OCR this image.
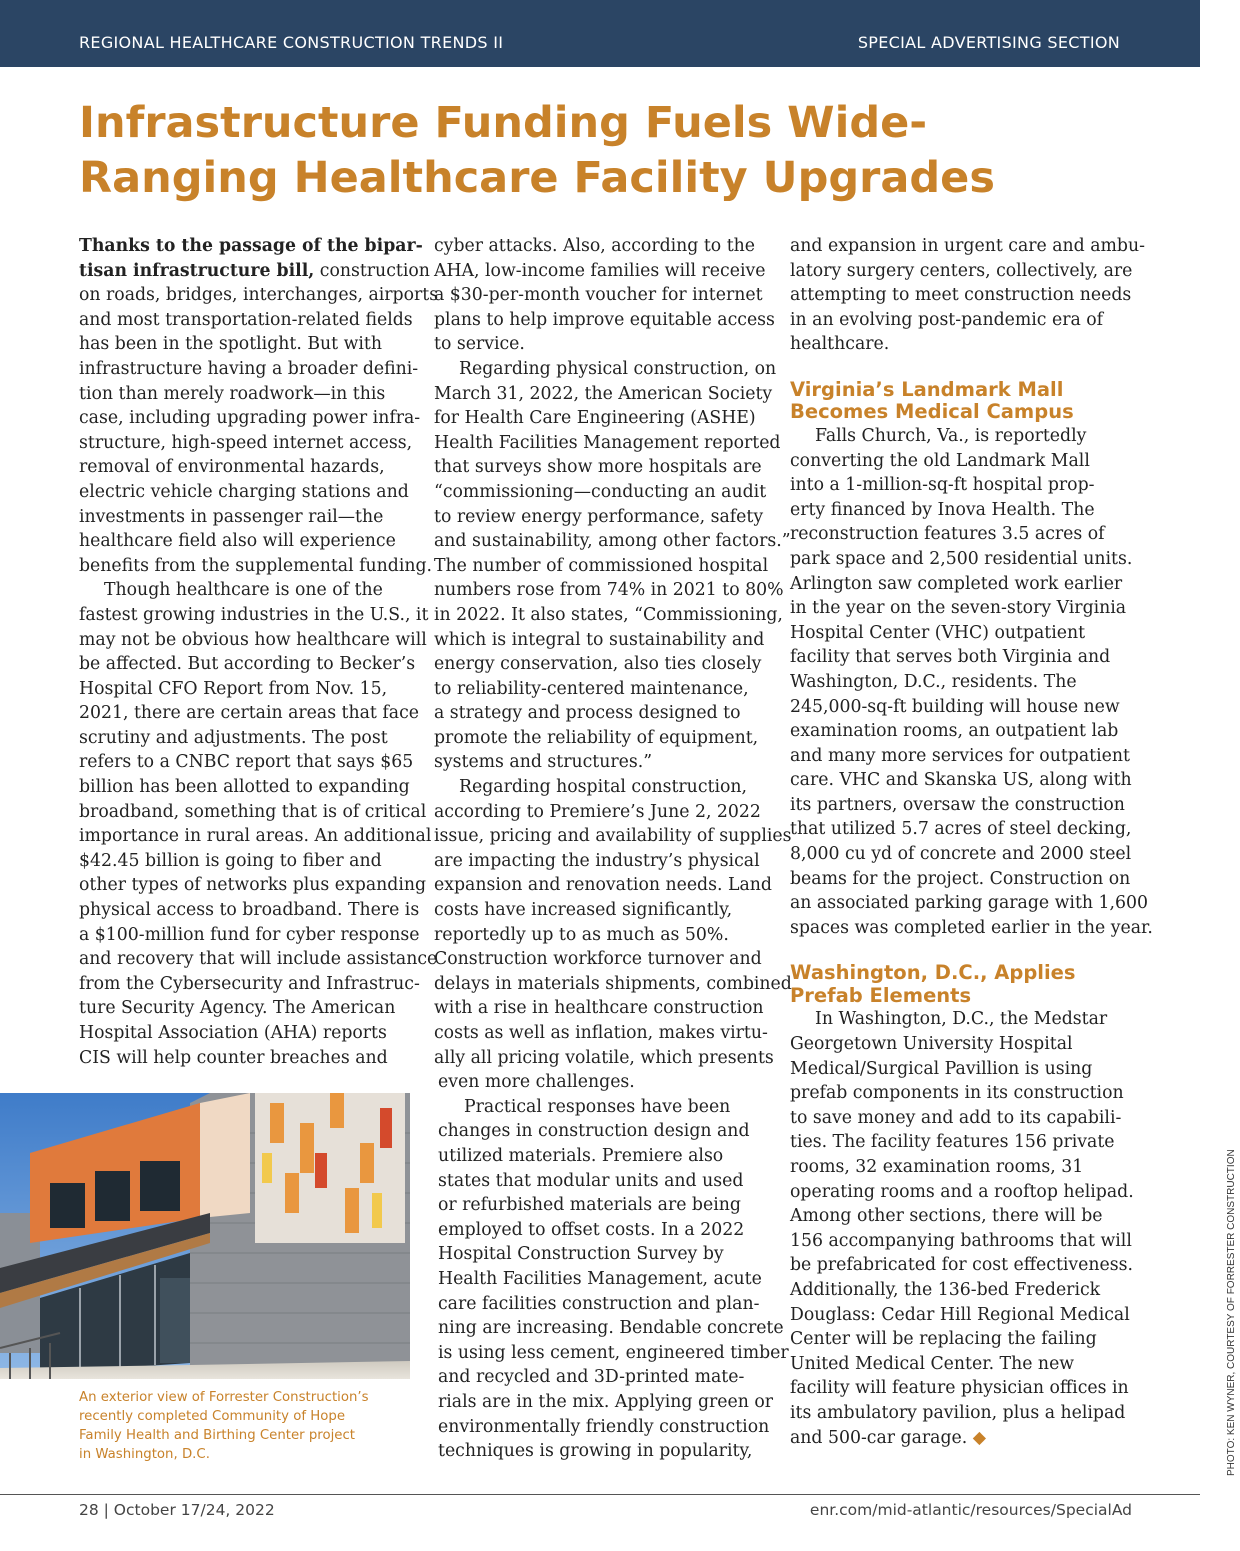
REGIONAL HEALTHCARE CONSTRUCTION TRENDS II	SPECIAL ADVERTISING SECTION
Infrastructure Funding Fuels Wide-
Ranging Healthcare Facility Upgrades
Thanks to the passage of the bipar-
tisan infrastructure bill, construction
on roads, bridges, interchanges, airports
and most transportation-related fields
has been in the spotlight. But with
infrastructure having a broader defini-
tion than merely roadwork—in this
case, including upgrading power infra-
structure, high-speed internet access,
removal of environmental hazards,
electric vehicle charging stations and
investments in passenger rail—the
healthcare field also will experience
benefits from the supplemental funding.
Though healthcare is one of the
fastest growing industries in the U.S., it
may not be obvious how healthcare will
be affected. But according to Becker’s
Hospital CFO Report from Nov. 15,
2021, there are certain areas that face
scrutiny and adjustments. The post
refers to a CNBC report that says $65
billion has been allotted to expanding
broadband, something that is of critical
importance in rural areas. An additional
$42.45 billion is going to fiber and
other types of networks plus expanding
physical access to broadband. There is
a $100-million fund for cyber response
and recovery that will include assistance
from the Cybersecurity and Infrastruc-
ture Security Agency. The American
Hospital Association (AHA) reports
CIS will help counter breaches and
An exterior view of Forrester Construction’s
recently completed Community of Hope
Family Health and Birthing Center project
in Washington, D.C.
cyber attacks. Also, according to the
AHA, low-income families will receive
a $30-per-month voucher for internet
plans to help improve equitable access
to service.
Regarding physical construction, on
March 31, 2022, the American Society
for Health Care Engineering (ASHE)
Health Facilities Management reported
that surveys show more hospitals are
“commissioning—conducting an audit
to review energy performance, safety
and sustainability, among other factors.”
The number of commissioned hospital
numbers rose from 74% in 2021 to 80%
in 2022. It also states, “Commissioning,
which is integral to sustainability and
energy conservation, also ties closely
to reliability-centered maintenance,
a strategy and process designed to
promote the reliability of equipment,
systems and structures.”
Regarding hospital construction,
according to Premiere’s June 2, 2022
issue, pricing and availability of supplies
are impacting the industry’s physical
expansion and renovation needs. Land
costs have increased significantly,
reportedly up to as much as 50%.
Construction workforce turnover and
delays in materials shipments, combined
with a rise in healthcare construction
costs as well as inflation, makes virtu-
ally all pricing volatile, which presents
even more challenges.
Practical responses have been
changes in construction design and
utilized materials. Premiere also
states that modular units and used
or refurbished materials are being
employed to offset costs. In a 2022
Hospital Construction Survey by
Health Facilities Management, acute
care facilities construction and plan-
ning are increasing. Bendable concrete
is using less cement, engineered timber
and recycled and 3D-printed mate-
rials are in the mix. Applying green or
environmentally friendly construction
techniques is growing in popularity,
and expansion in urgent care and ambu-
latory surgery centers, collectively, are
attempting to meet construction needs
in an evolving post-pandemic era of
healthcare.
Virginia’s Landmark Mall
Becomes Medical Campus
Falls Church, Va., is reportedly
converting the old Landmark Mall
into a 1-million-sq-ft hospital prop-
erty financed by Inova Health. The
reconstruction features 3.5 acres of
park space and 2,500 residential units.
Arlington saw completed work earlier
in the year on the seven-story Virginia
Hospital Center (VHC) outpatient
facility that serves both Virginia and
Washington, D.C., residents. The
245,000-sq-ft building will house new
examination rooms, an outpatient lab
and many more services for outpatient
care. VHC and Skanska US, along with
its partners, oversaw the construction
that utilized 5.7 acres of steel decking,
8,000 cu yd of concrete and 2000 steel
beams for the project. Construction on
an associated parking garage with 1,600
spaces was completed earlier in the year.
Washington, D.C., Applies
Prefab Elements
In Washington, D.C., the Medstar
Georgetown University Hospital
Medical/Surgical Pavillion is using
prefab components in its construction
to save money and add to its capabili-
ties. The facility features 156 private
rooms, 32 examination rooms, 31
operating rooms and a rooftop helipad.
Among other sections, there will be
156 accompanying bathrooms that will
be prefabricated for cost effectiveness.
Additionally, the 136-bed Frederick
Douglass: Cedar Hill Regional Medical
Center will be replacing the failing
United Medical Center. The new
facility will feature physician offices in
its ambulatory pavilion, plus a helipad
and 500-car garage. ◆	PHOTO: KEN WYNER, COURTESY OF FORRESTER CONSTRUCTION
28 | October 17/24, 2022	enr.com/mid-atlantic/resources/SpecialAd
